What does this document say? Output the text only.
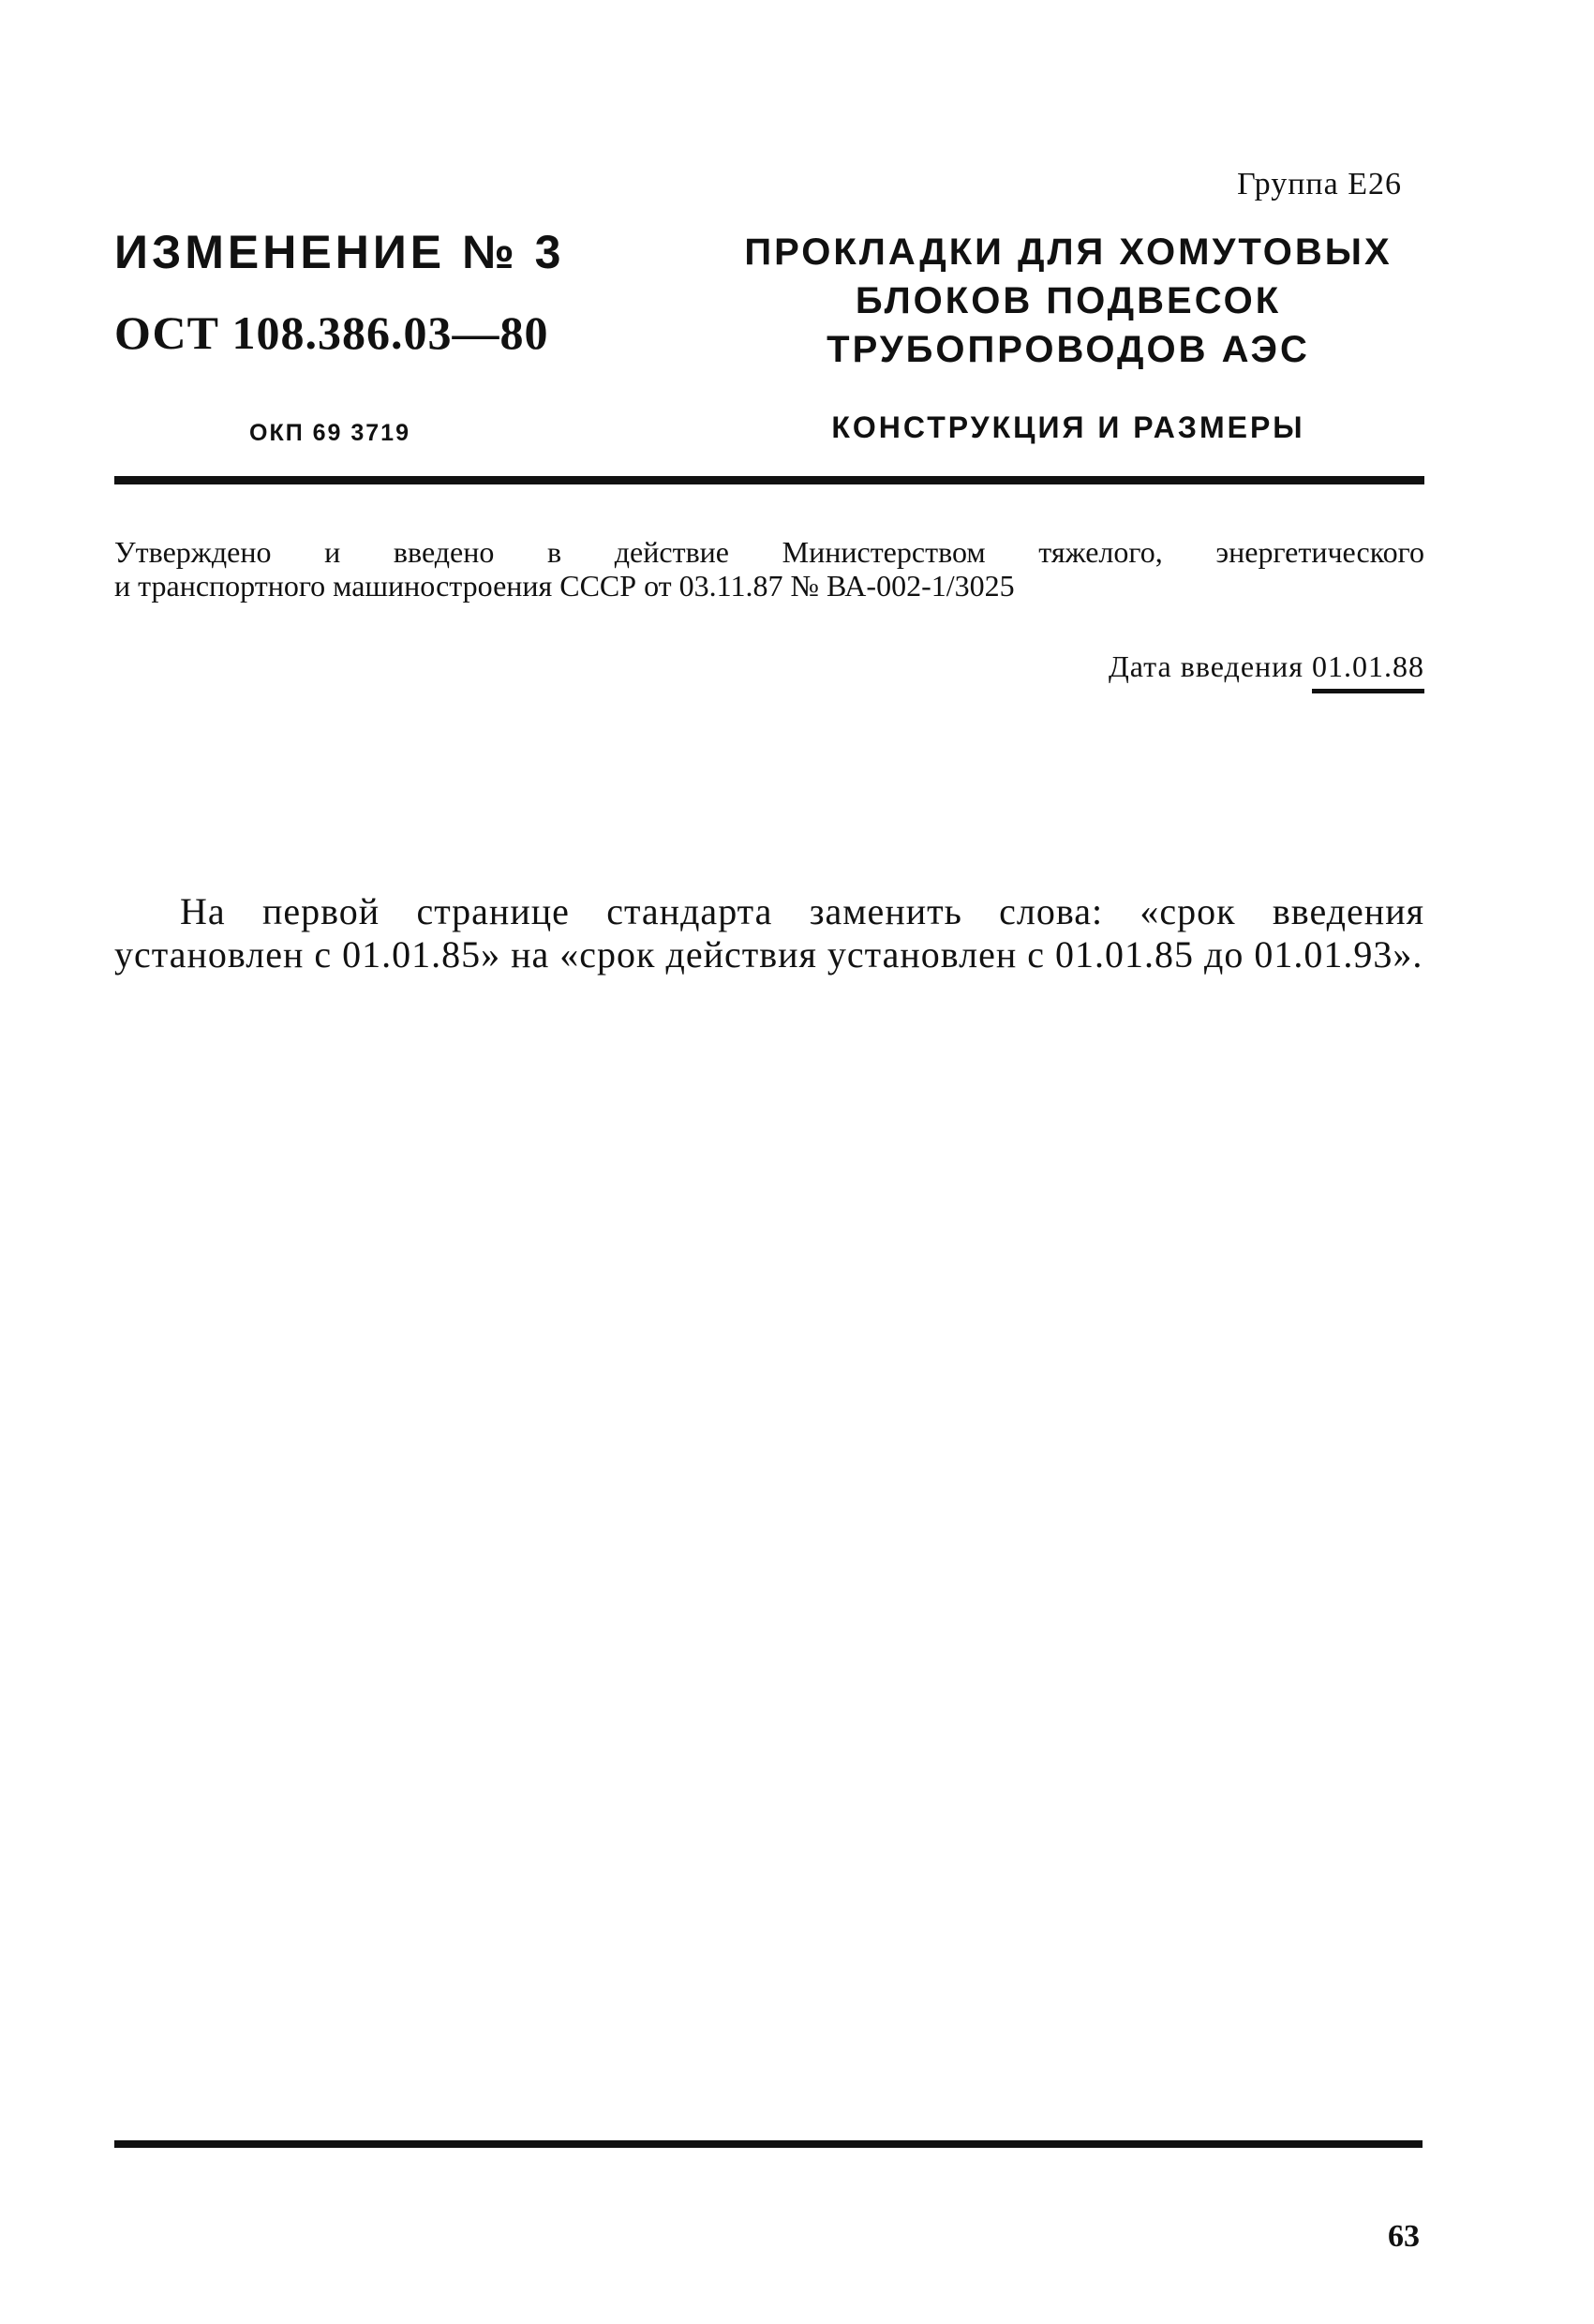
Группа Е26
ИЗМЕНЕНИЕ № 3
ОСТ 108.386.03—80
ОКП 69 3719
ПРОКЛАДКИ ДЛЯ ХОМУТОВЫХ
БЛОКОВ ПОДВЕСОК
ТРУБОПРОВОДОВ АЭС
КОНСТРУКЦИЯ И РАЗМЕРЫ
Утверждено и введено в действие Министерством тяжелого, энергетического
и транспортного машиностроения СССР от 03.11.87 № ВА-002-1/3025
Дата введения 01.01.88
На первой странице стандарта заменить слова: «срок введения установлен с 01.01.85» на «срок действия установлен с 01.01.85 до 01.01.93».
63
